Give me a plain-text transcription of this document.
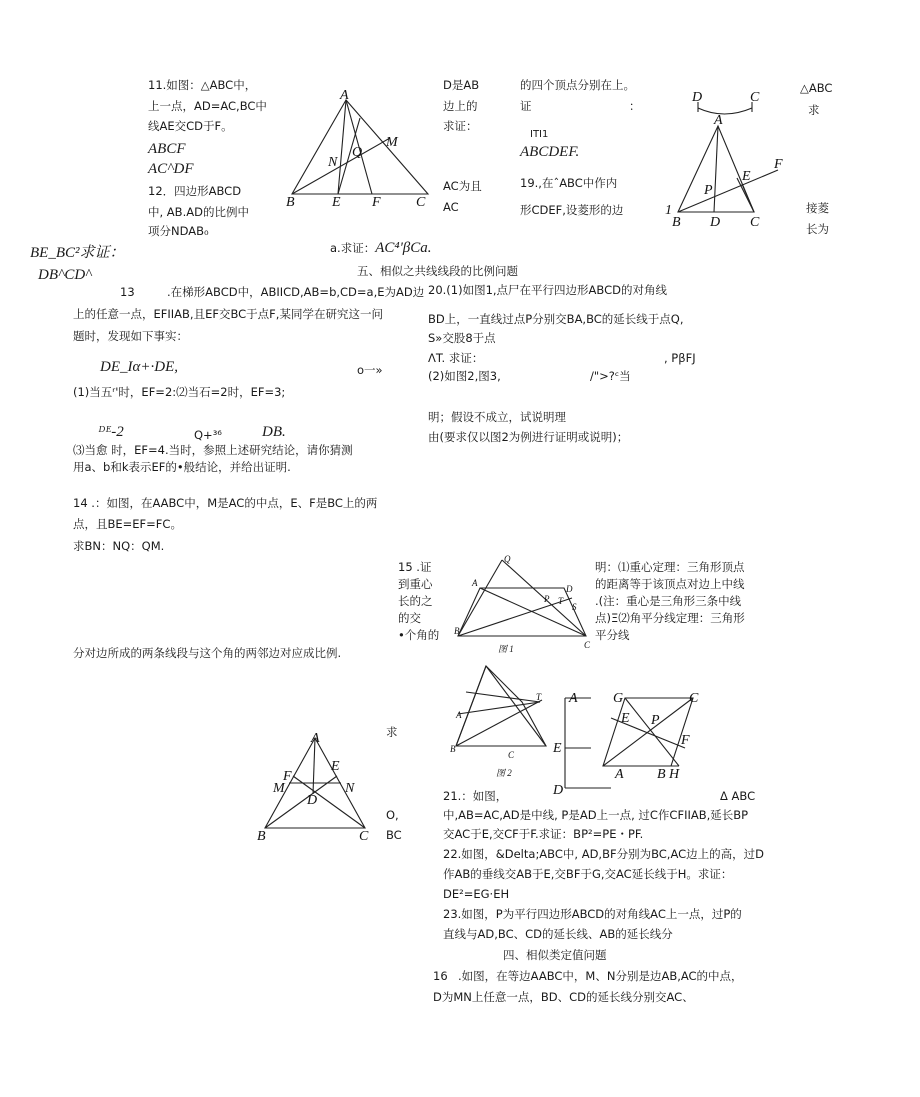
11.如图：△ABC中，
上一点，AD=AC,BC中
线AE交CD于F。
ABCF
AC^DF
12．四边形ABCD
中, AB.AD的比例中
项分NDAB₀
BE_BC²求证：
DB^CD^
A
M
N
Q
B	E F	C
D是AB
边上的
求证：
AC为且
AC
a.求证：AC⁴'βCa.
的四个顶点分别在上。
证	：
ITI1
ABCDEF.
19.,在ˆABC中作内
形CDEF,设菱形的边
D	C
A
E
F
P
1
B D C
△ABC
求
接菱
长为
五、相似之共线线段的比例问题
13	.在梯形ABCD中，ABIICD,AB=b,CD=a,E为AD边
上的任意一点，EFIIAB,且EF交BC于点F,某同学在研究这一问
题时，发现如下事实：
DE_Iα+·DE,	o一»
(1)当五ʳ'时，EF=2:⑵当石=2时，EF=3;
ᴰᴱ-2	Q+³⁶	DB.
⑶当愈 时，EF=4.当时，参照上述研究结论，请你猜测
用a、b和k表示EF的•般结论，并给出证明.
20.(1)如图1,点尸在平行四边形ABCD的对角线
BD上，一直线过点P分别交BA,BC的延长线于点Q,
S»交股8于点
ΛT. 求证：	, PβFJ
(2)如图2,图3,	/">?ᶜ当
明；假设不成立，试说明理
由(要求仅以图2为例进行证明或说明)；
14 .：如图，在AABC中，M是AC的中点，E、F是BC上的两
点，且BE=EF=FC。
求BN：NQ：QM.
15 .证
到重心
长的之
的交
•个角的
明：⑴重心定理：三角形顶点
的距离等于该顶点对边上中线
.(注：重心是三角形三条中线
点)Ξ⑵角平分线定理：三角形
平分线
分对边所成的两条线段与这个角的两邻边对应成比例.
Q
A
B
D
T
S
P
C
图 1
T
A
B
C
图 2
A
E
D
G	C
E P
F
A B H
A
F
E
M	N
D
B	C
求
O,
BC
21.：如图，	Δ ABC
中,AB=AC,AD是中线, P是AD上一点, 过C作CFIIAB,延长BP
交AC于E,交CF于F.求证：BP²=PE・PF.
22.如图，&Delta;ABC中, AD,BF分别为BC,AC边上的高，过D
作AB的垂线交AB于E,交BF于G,交AC延长线于H。求证：
DE²=EG·EH
23.如图，P为平行四边形ABCD的对角线AC上一点，过P的
直线与AD,BC、CD的延长线、AB的延长线分
四、相似类定值问题
16 .如图，在等边AABC中，M、N分别是边AB,AC的中点，
D为MN上任意一点，BD、CD的延长线分别交AC、
